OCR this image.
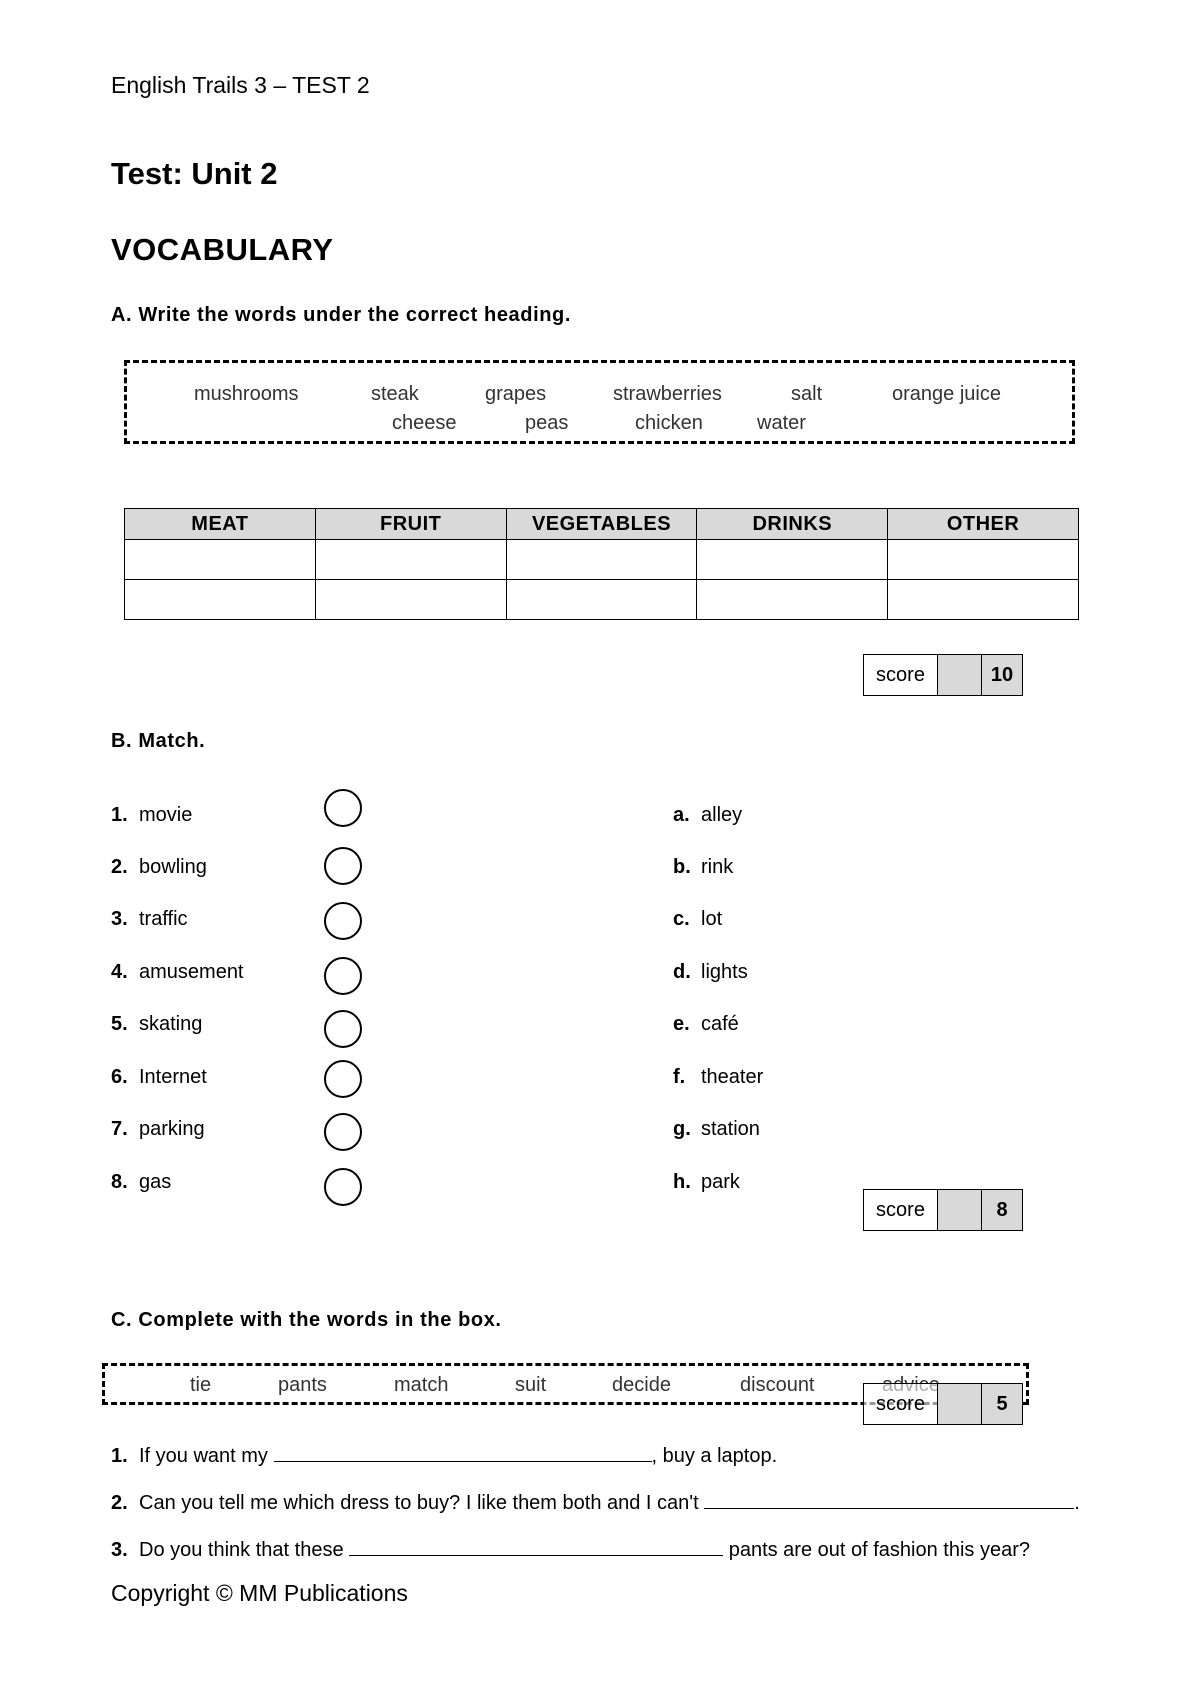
English Trails 3 – TEST 2
Test: Unit 2
VOCABULARY
A. Write the words under the correct heading.
mushrooms	steak	grapes	strawberries	salt	orange juice
cheese	peas	chicken	water
MEAT	FRUIT	VEGETABLES	DRINKS	OTHER

score	10
B. Match.
1. movie
2. bowling
3. traffic
4. amusement
5. skating
6. Internet
7. parking
8. gas
a. alley
b. rink
c. lot
d. lights
e. café
f. theater
g. station
h. park
score	8
C. Complete with the words in the box.
tie	pants	match	suit	decide	discount
score	5
1. If you want my	, buy a laptop.
2. Can you tell me which dress to buy? I like them both and I can't	.
3. Do you think that these	pants are out of fashion this year?
Copyright © MM Publications
